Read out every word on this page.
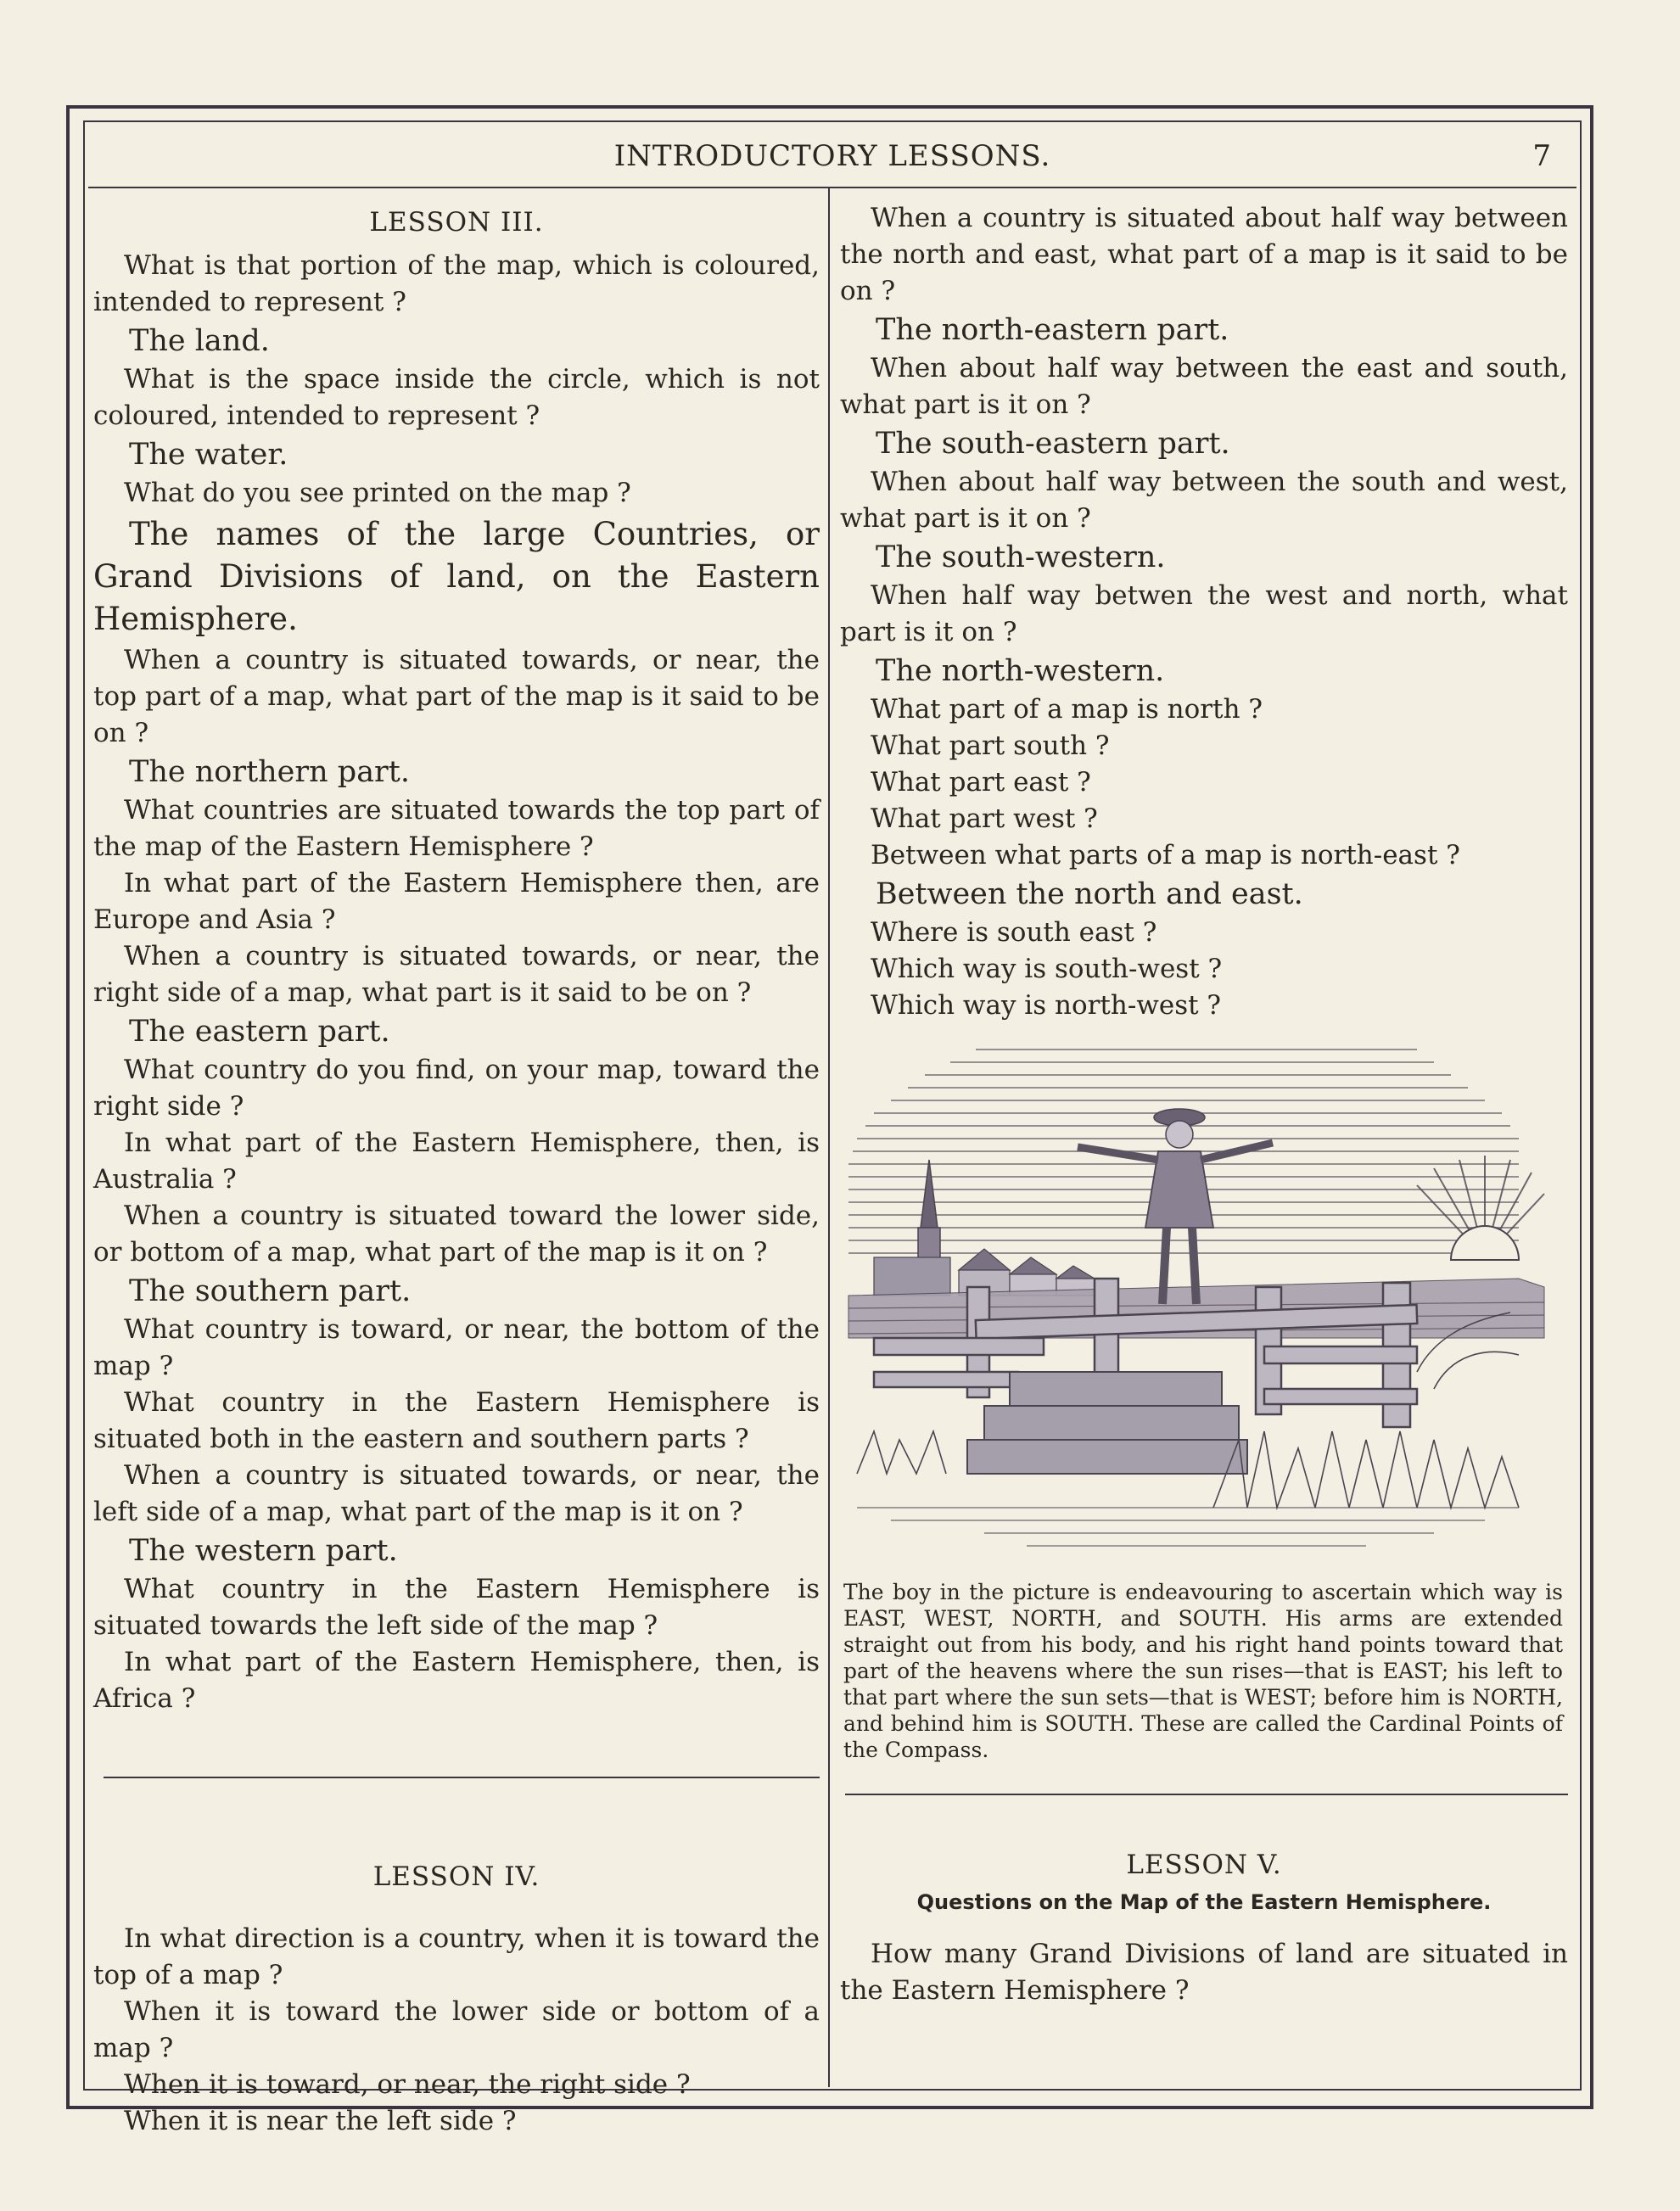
INTRODUCTORY LESSONS.	7
LESSON III.

What is that portion of the map, which is coloured, intended to represent ?

The land.

What is the space inside the circle, which is not coloured, intended to represent ?

The water.

What do you see printed on the map ?

The names of the large Countries, or Grand Divisions of land, on the Eastern Hemisphere.

When a country is situated towards, or near, the top part of a map, what part of the map is it said to be on ?

The northern part.

What countries are situated towards the top part of the map of the Eastern Hemisphere ?

In what part of the Eastern Hemisphere then, are Europe and Asia ?

When a country is situated towards, or near, the right side of a map, what part is it said to be on ?

The eastern part.

What country do you find, on your map, toward the right side ?

In what part of the Eastern Hemisphere, then, is Australia ?

When a country is situated toward the lower side, or bottom of a map, what part of the map is it on ?

The southern part.

What country is toward, or near, the bottom of the map ?

What country in the Eastern Hemisphere is situated both in the eastern and southern parts ?

When a country is situated towards, or near, the left side of a map, what part of the map is it on ?

The western part.

What country in the Eastern Hemisphere is situated towards the left side of the map ?

In what part of the Eastern Hemisphere, then, is Africa ?

LESSON IV.

In what direction is a country, when it is toward the top of a map ?

When it is toward the lower side or bottom of a map ?

When it is toward, or near, the right side ?

When it is near the left side ?

When a country is situated about half way between the north and east, what part of a map is it said to be on ?

The north-eastern part.

When about half way between the east and south, what part is it on ?

The south-eastern part.

When about half way between the south and west, what part is it on ?

The south-western.

When half way betwen the west and north, what part is it on ?

The north-western.

What part of a map is north ?

What part south ?

What part east ?

What part west ?

Between what parts of a map is north-east ?

Between the north and east.

Where is south east ?

Which way is south-west ?

Which way is north-west ?

The boy in the picture is endeavouring to ascertain which way is EAST, WEST, NORTH, and SOUTH. His arms are extended straight out from his body, and his right hand points toward that part of the heavens where the sun rises—that is EAST; his left to that part where the sun sets—that is WEST; before him is NORTH, and behind him is SOUTH. These are called the Cardinal Points of the Compass.

LESSON V.
Questions on the Map of the Eastern Hemisphere.

How many Grand Divisions of land are situated in the Eastern Hemisphere ?
